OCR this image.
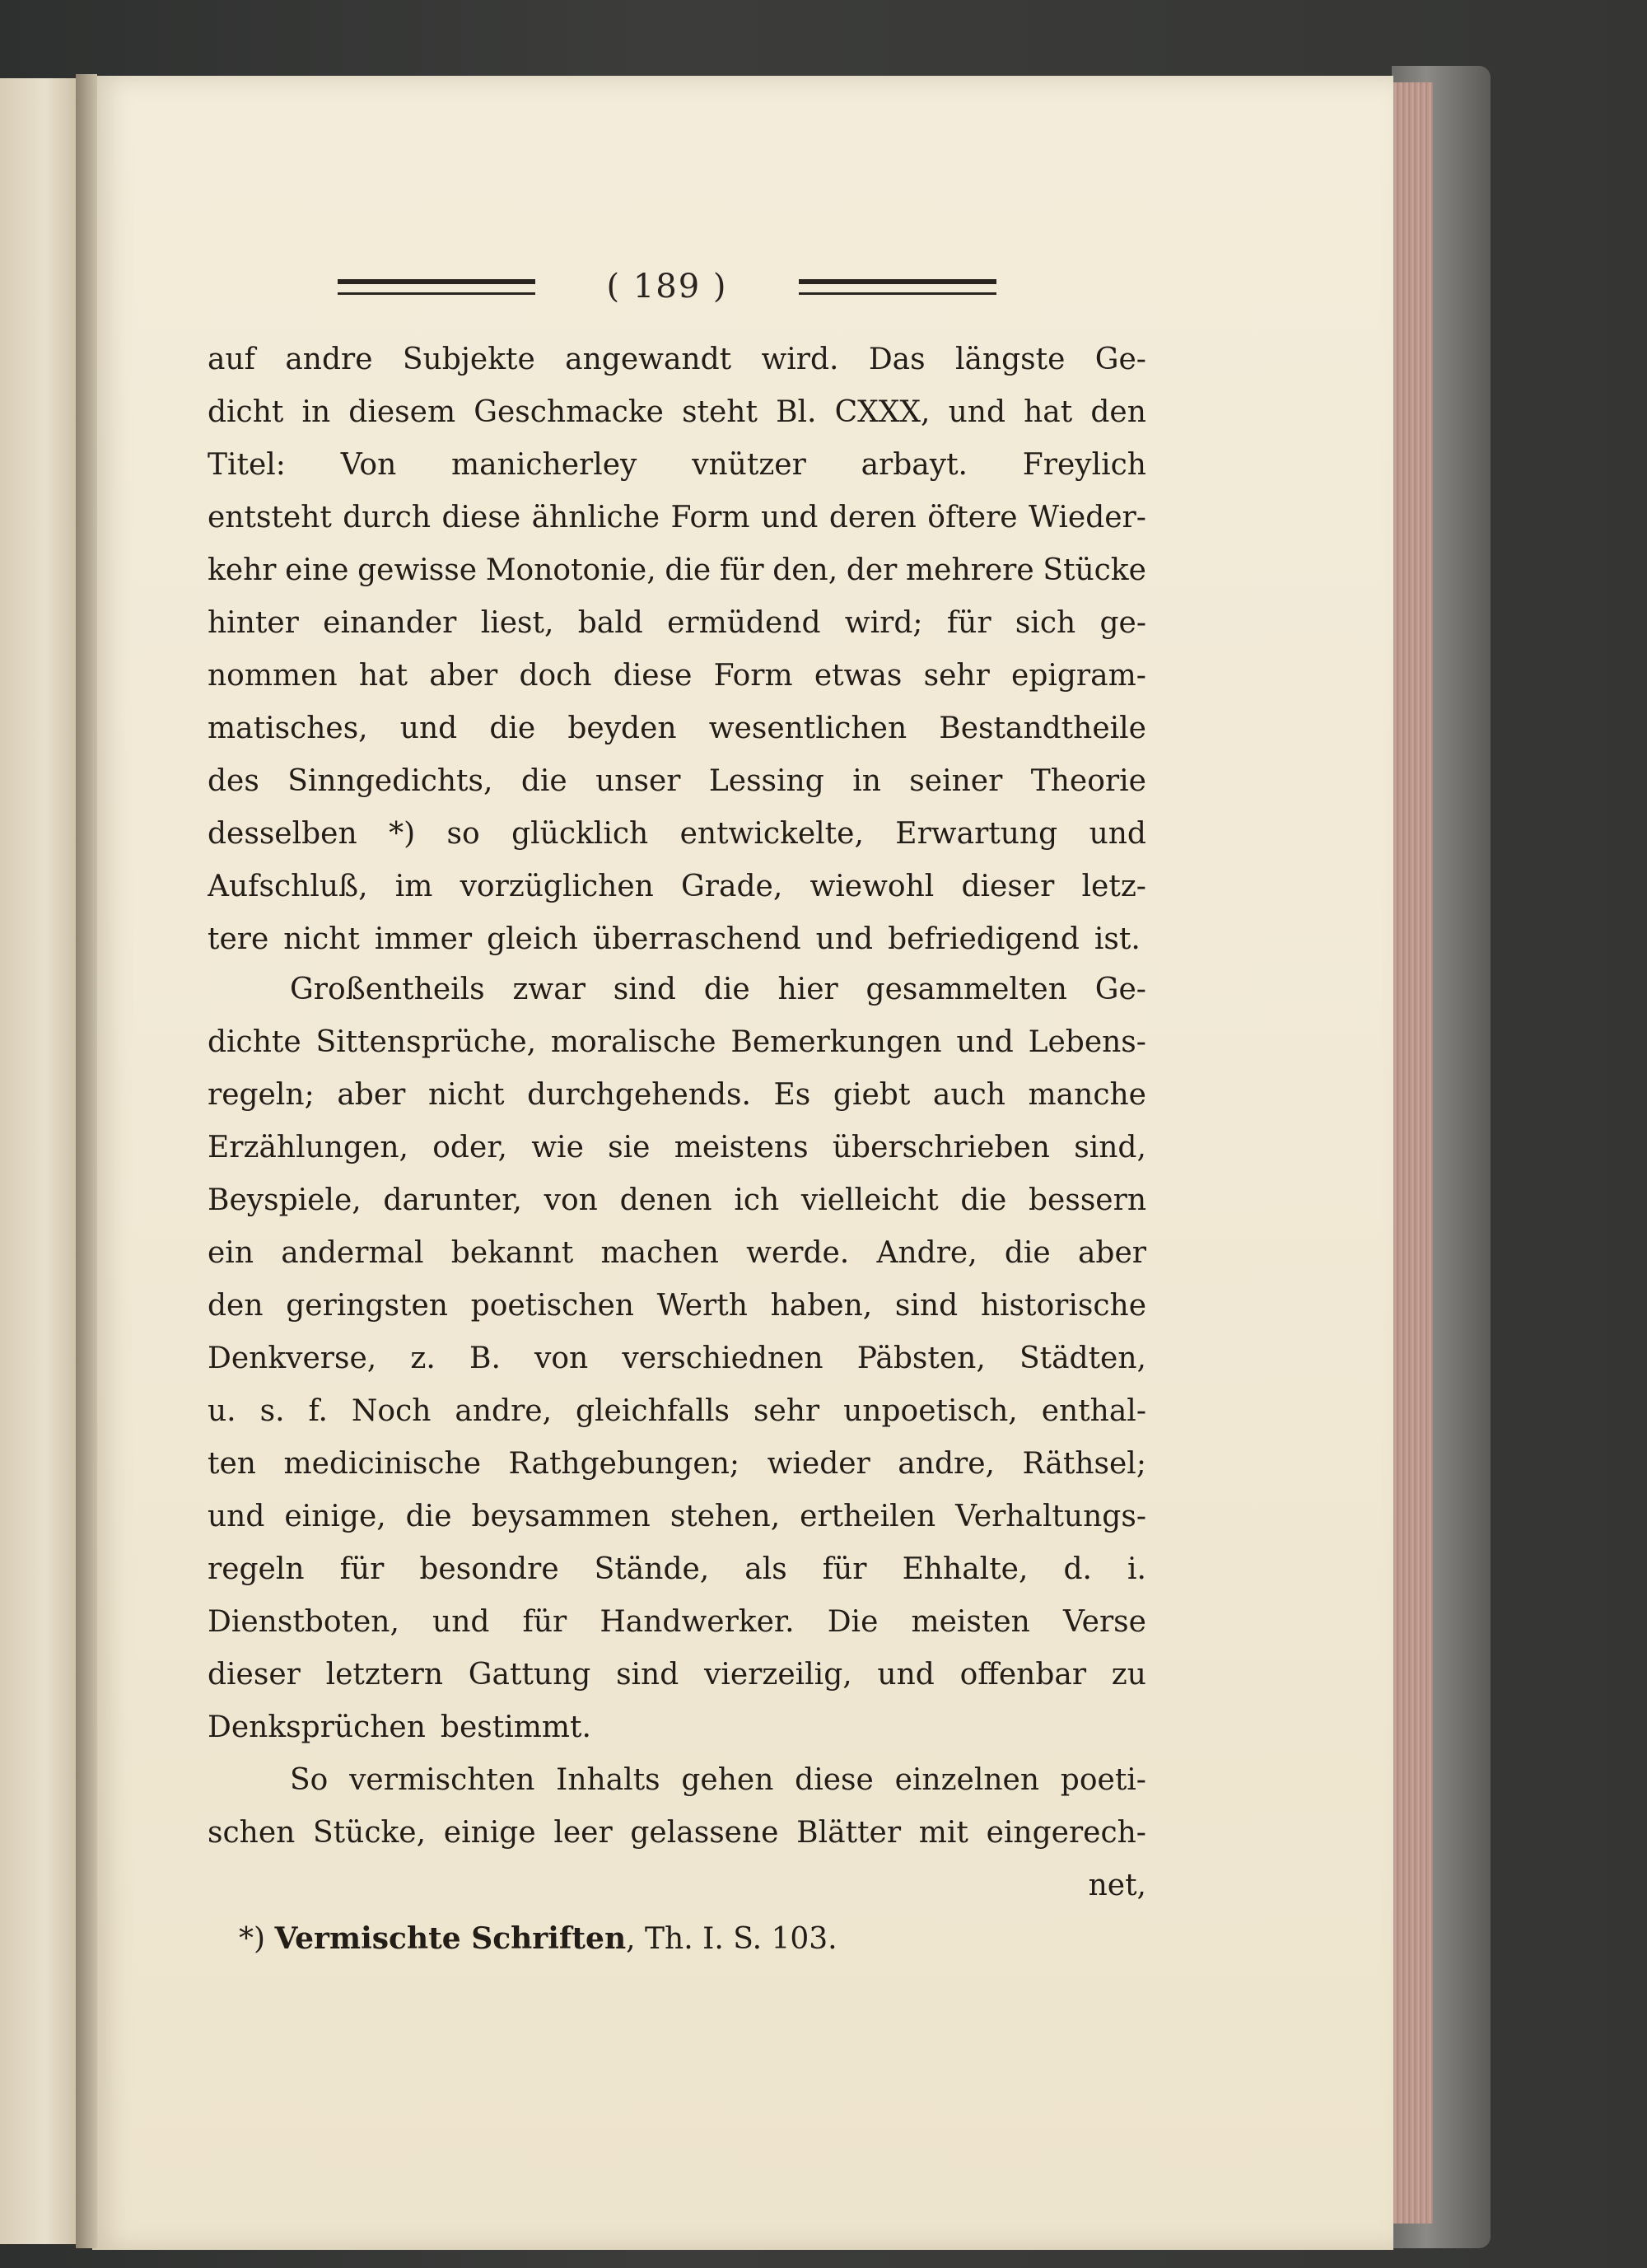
( 189 )
auf andre Subjekte angewandt wird. Das längste Ge-
dicht in diesem Geschmacke steht Bl. CXXX, und hat den
Titel: Von manicherley vnützer arbayt. Freylich
entsteht durch diese ähnliche Form und deren öftere Wieder-
kehr eine gewisse Monotonie, die für den, der mehrere Stücke
hinter einander liest, bald ermüdend wird; für sich ge-
nommen hat aber doch diese Form etwas sehr epigram-
matisches, und die beyden wesentlichen Bestandtheile
des Sinngedichts, die unser Lessing in seiner Theorie
desselben *) so glücklich entwickelte, Erwartung und
Aufschluß, im vorzüglichen Grade, wiewohl dieser letz-
tere nicht immer gleich überraschend und befriedigend ist.
Großentheils zwar sind die hier gesammelten Ge-
dichte Sittensprüche, moralische Bemerkungen und Lebens-
regeln; aber nicht durchgehends. Es giebt auch manche
Erzählungen, oder, wie sie meistens überschrieben sind,
Beyspiele, darunter, von denen ich vielleicht die bessern
ein andermal bekannt machen werde. Andre, die aber
den geringsten poetischen Werth haben, sind historische
Denkverse, z. B. von verschiednen Päbsten, Städten,
u. s. f. Noch andre, gleichfalls sehr unpoetisch, enthal-
ten medicinische Rathgebungen; wieder andre, Räthsel;
und einige, die beysammen stehen, ertheilen Verhaltungs-
regeln für besondre Stände, als für Ehhalte, d. i.
Dienstboten, und für Handwerker. Die meisten Verse
dieser letztern Gattung sind vierzeilig, und offenbar zu
Denksprüchen bestimmt.
So vermischten Inhalts gehen diese einzelnen poeti-
schen Stücke, einige leer gelassene Blätter mit eingerech-
net,
*) Vermischte Schriften, Th. I. S. 103.
